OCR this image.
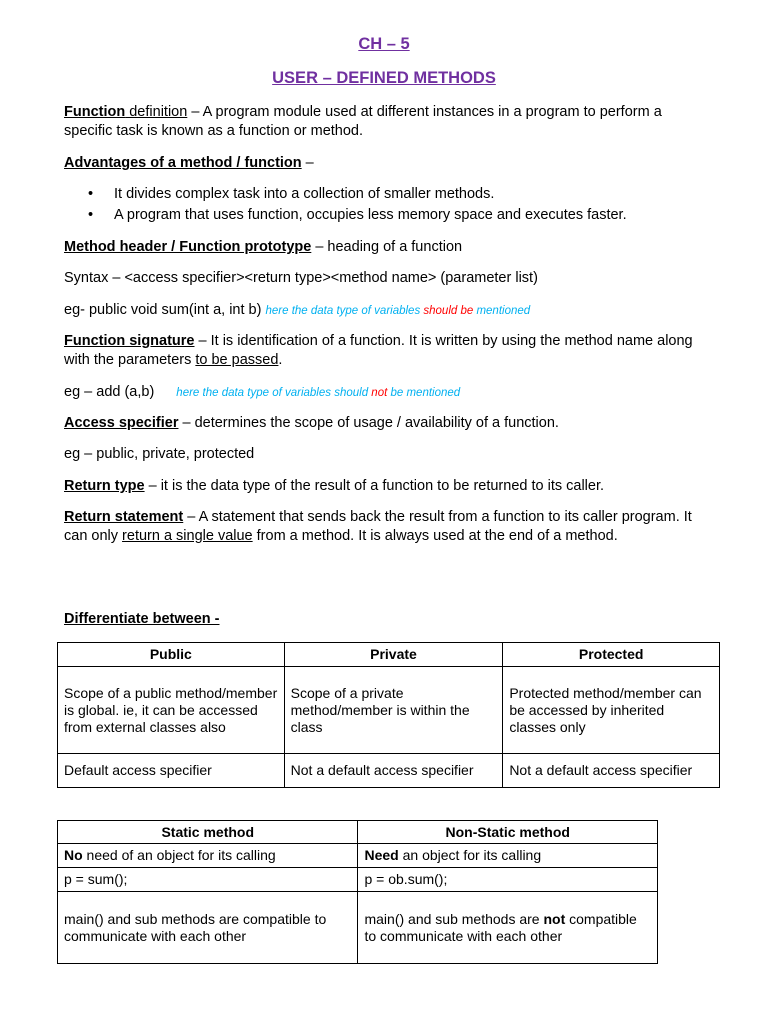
CH – 5
USER – DEFINED METHODS
Function definition – A program module used at different instances in a program to perform a specific task is known as a function or method.
Advantages of a method / function –
• It divides complex task into a collection of smaller methods.
• A program that uses function, occupies less memory space and executes faster.
Method header / Function prototype – heading of a function
Syntax – <access specifier><return type><method name> (parameter list)
eg- public void sum(int a, int b) here the data type of variables should be mentioned
Function signature – It is identification of a function. It is written by using the method name along with the parameters to be passed.
eg – add (a,b) here the data type of variables should not be mentioned
Access specifier – determines the scope of usage / availability of a function.
eg – public, private, protected
Return type – it is the data type of the result of a function to be returned to its caller.
Return statement – A statement that sends back the result from a function to its caller program. It can only return a single value from a method. It is always used at the end of a method.
Differentiate between -
Public	Private	Protected
Scope of a public method/member is global. ie, it can be accessed from external classes also	Scope of a private method/member is within the class	Protected method/member can be accessed by inherited classes only
Default access specifier	Not a default access specifier	Not a default access specifier
Static method	Non-Static method
No need of an object for its calling	Need an object for its calling
p = sum();	p = ob.sum();
main() and sub methods are compatible to communicate with each other	main() and sub methods are not compatible to communicate with each other
